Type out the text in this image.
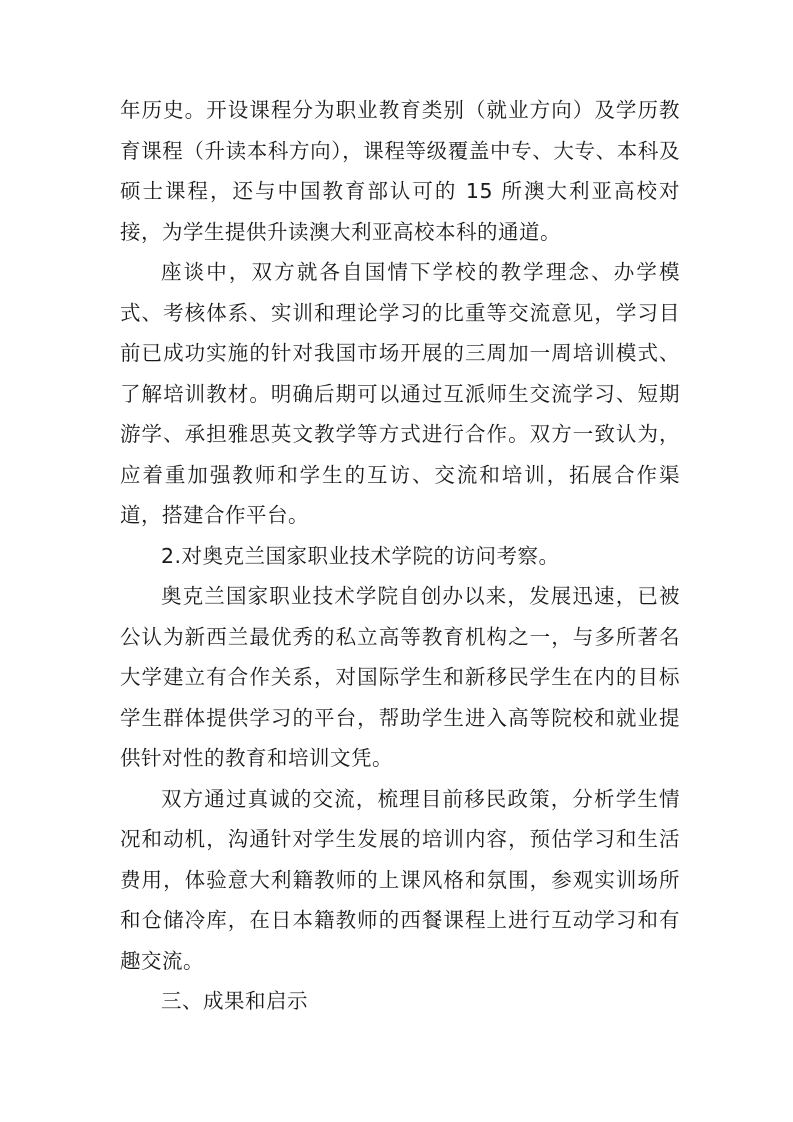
年历史。开设课程分为职业教育类别（就业方向）及学历教育课程（升读本科方向），课程等级覆盖中专、大专、本科及硕士课程，还与中国教育部认可的 15 所澳大利亚高校对接，为学生提供升读澳大利亚高校本科的通道。

座谈中，双方就各自国情下学校的教学理念、办学模式、考核体系、实训和理论学习的比重等交流意见，学习目前已成功实施的针对我国市场开展的三周加一周培训模式、了解培训教材。明确后期可以通过互派师生交流学习、短期游学、承担雅思英文教学等方式进行合作。双方一致认为，应着重加强教师和学生的互访、交流和培训，拓展合作渠道，搭建合作平台。

2.对奥克兰国家职业技术学院的访问考察。

奥克兰国家职业技术学院自创办以来，发展迅速，已被公认为新西兰最优秀的私立高等教育机构之一，与多所著名大学建立有合作关系，对国际学生和新移民学生在内的目标学生群体提供学习的平台，帮助学生进入高等院校和就业提供针对性的教育和培训文凭。

双方通过真诚的交流，梳理目前移民政策，分析学生情况和动机，沟通针对学生发展的培训内容，预估学习和生活费用，体验意大利籍教师的上课风格和氛围，参观实训场所和仓储冷库，在日本籍教师的西餐课程上进行互动学习和有趣交流。

三、成果和启示
